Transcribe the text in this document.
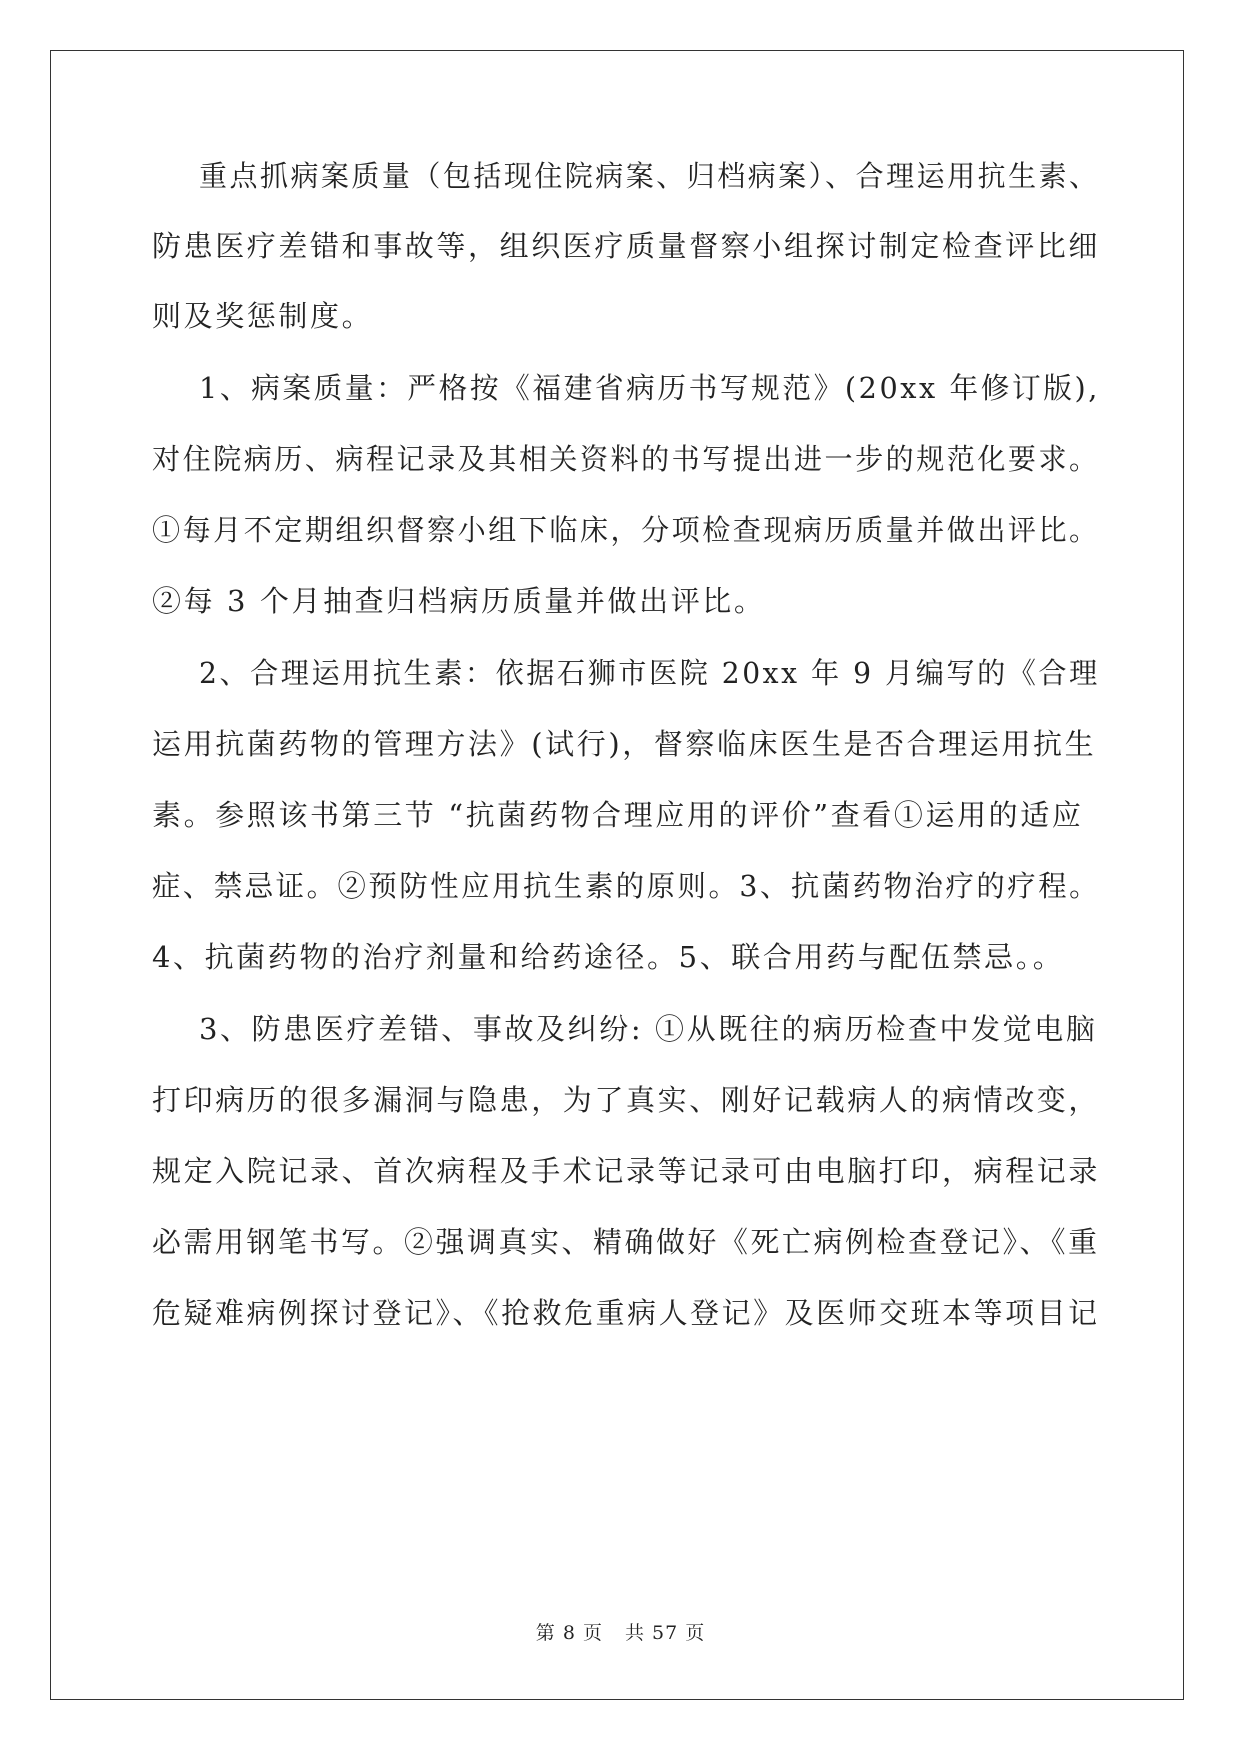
重点抓病案质量（包括现住院病案、归档病案）、合理运用抗生素、
防患医疗差错和事故等，组织医疗质量督察小组探讨制定检查评比细
则及奖惩制度。
1、病案质量：严格按《福建省病历书写规范》(20xx 年修订版),
对住院病历、病程记录及其相关资料的书写提出进一步的规范化要求。
①每月不定期组织督察小组下临床，分项检查现病历质量并做出评比。
②每 3 个月抽查归档病历质量并做出评比。
2、合理运用抗生素：依据石狮市医院 20xx 年 9 月编写的《合理
运用抗菌药物的管理方法》(试行)，督察临床医生是否合理运用抗生
素。参照该书第三节 “抗菌药物合理应用的评价”查看①运用的适应
症、禁忌证。②预防性应用抗生素的原则。3、抗菌药物治疗的疗程。
4、抗菌药物的治疗剂量和给药途径。5、联合用药与配伍禁忌。。
3、防患医疗差错、事故及纠纷: ①从既往的病历检查中发觉电脑
打印病历的很多漏洞与隐患，为了真实、刚好记载病人的病情改变，
规定入院记录、首次病程及手术记录等记录可由电脑打印，病程记录
必需用钢笔书写。②强调真实、精确做好《死亡病例检查登记》、《重
危疑难病例探讨登记》、《抢救危重病人登记》及医师交班本等项目记
第 8 页 共 57 页
